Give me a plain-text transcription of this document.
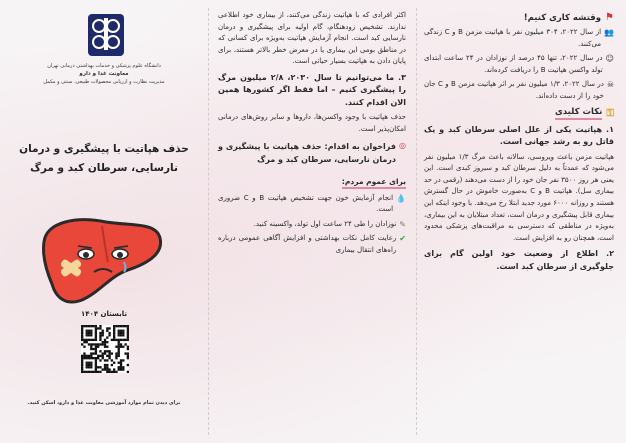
دانشگاه علوم پزشکی و خدمات بهداشتی درمانی تهران
معاونت غذا و دارو
مدیریت نظارت و ارزیابی محصولات طبیعی، سنتی و مکمل
حذف هپاتیت با پیشگیری و درمان نارسایی، سرطان کبد و مرگ
تابستان ۱۴۰۴
برای دیدن تمام موارد آموزشی معاونت غذا و دارو، اسکن کنید.

اکثر افرادی که با هپاتیت زندگی می‌کنند، از بیماری خود اطلاعی ندارند. تشخیص زودهنگام، گام اولیه برای پیشگیری و درمان نارسایی کبد است. انجام آزمایش هپاتیت به‌ویژه برای کسانی که در مناطق بومی این بیماری یا در معرض خطر بالاتر هستند، برای پایان دادن به هپاتیت بسیار حیاتی است.

۳. ما می‌توانیم تا سال ۲۰۳۰، ۲/۸ میلیون مرگ را پیشگیری کنیم – اما فقط اگر کشورها همین الان اقدام کنند.

حذف هپاتیت با وجود واکسن‌ها، داروها و سایر روش‌های درمانی امکان‌پذیر است.

◎
فراخوان به اقدام: حذف هپاتیت با پیشگیری و درمان نارسایی، سرطان کبد و مرگ
برای عموم مردم:
💧
انجام آزمایش خون جهت تشخیص هپاتیت B و C ضروری است.
✎
نوزادان را طی ۲۴ ساعت اول تولد، واکسینه کنید.
✔
رعایت کامل نکات بهداشتی و افزایش آگاهی عمومی درباره راه‌های انتقال بیماری
⚑
وقتشه کاری کنیم!
👥
از سال ۲۰۲۲، ۳۰۴ میلیون نفر با هپاتیت مزمن B و C زندگی می‌کنند.
☺
در سال ۲۰۲۲، تنها ۴۵ درصد از نوزادان در ۲۴ ساعت ابتدای تولد واکسن هپاتیت B را دریافت کرده‌اند.
☠
در سال ۲۰۲۲، ۱/۳ میلیون نفر بر اثر هپاتیت مزمن B و C جان خود را از دست داده‌اند.
⚿
نکات کلیدی

۱. هپاتیت یکی از علل اصلی سرطان کبد و یک قاتل رو به رشد جهانی است.

هپاتیت مزمن باعث ویروسی، سالانه باعث مرگ ۱/۳ میلیون نفر می‌شود که عمدتاً به دلیل سرطان کبد و سیروز کبدی است. این یعنی هر روز ۳۵۰۰ نفر جان خود را از دست می‌دهند (رقمی در حد بیماری سل). هپاتیت B و C به‌صورت خاموش در حال گسترش هستند و روزانه ۶۰۰۰ مورد جدید ابتلا رخ می‌دهد. با وجود اینکه این بیماری قابل پیشگیری و درمان است، تعداد مبتلایان به این بیماری، به‌ویژه در مناطقی که دسترسی به مراقبت‌های پزشکی محدود است، همچنان رو به افزایش است.

۲. اطلاع از وضعیت خود اولین گام برای جلوگیری از سرطان کبد است.
